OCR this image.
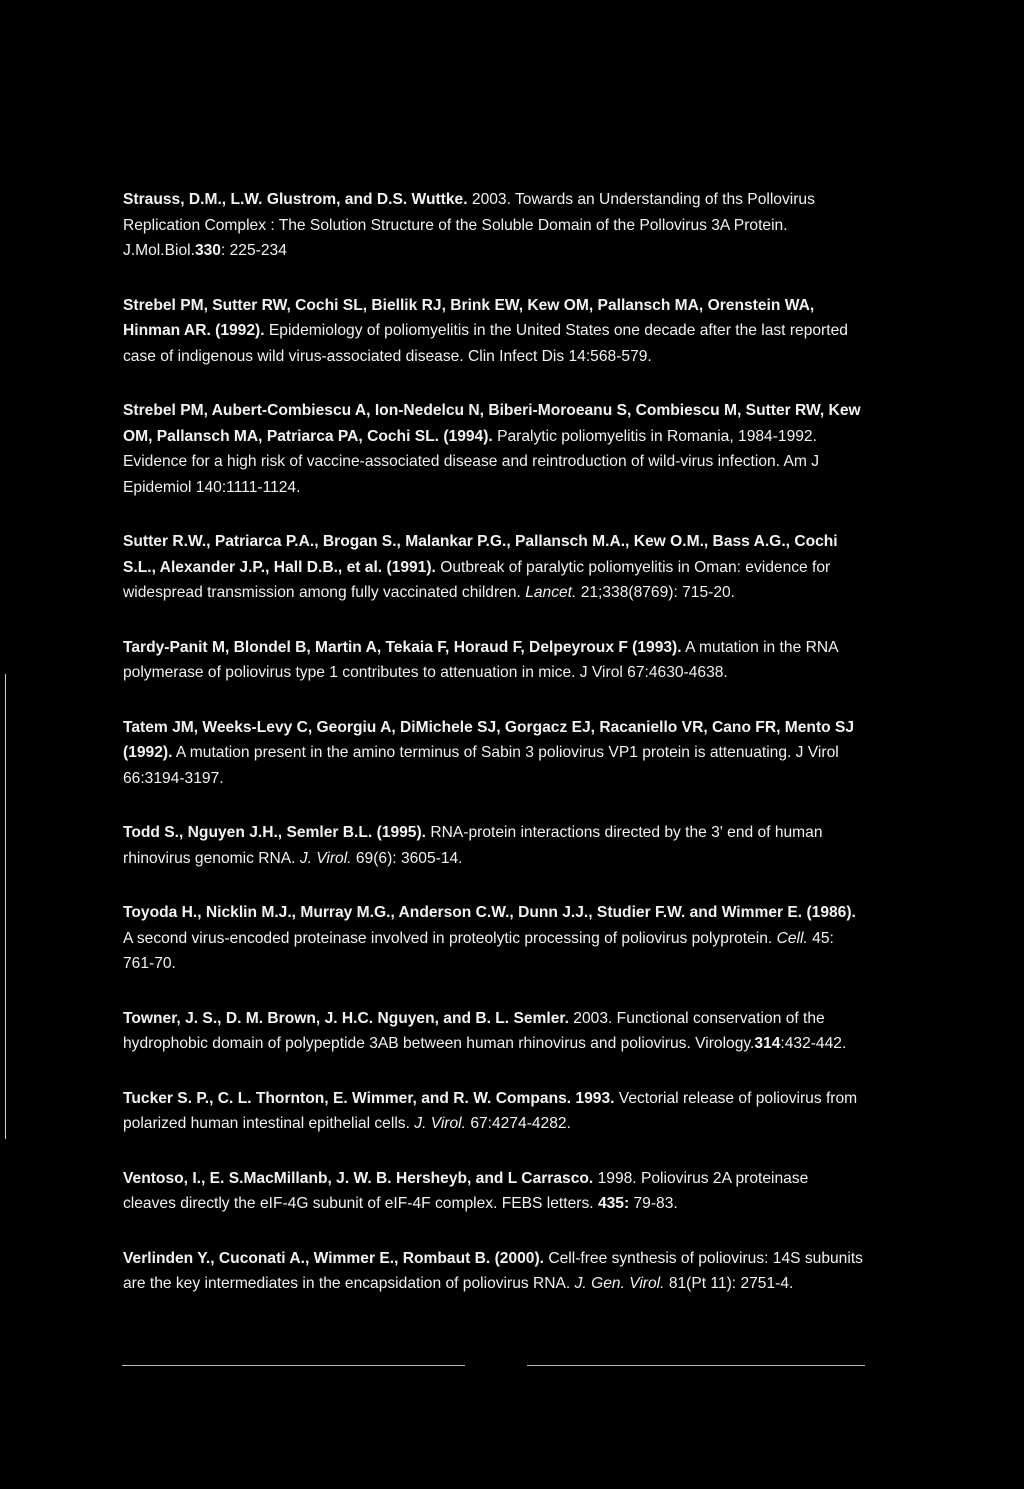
Strauss, D.M., L.W. Glustrom, and D.S. Wuttke. 2003. Towards an Understanding of ths Pollovirus Replication Complex : The Solution Structure of the Soluble Domain of the Pollovirus 3A Protein. J.Mol.Biol.330: 225-234

Strebel PM, Sutter RW, Cochi SL, Biellik RJ, Brink EW, Kew OM, Pallansch MA, Orenstein WA, Hinman AR. (1992). Epidemiology of poliomyelitis in the United States one decade after the last reported case of indigenous wild virus-associated disease. Clin Infect Dis 14:568-579.

Strebel PM, Aubert-Combiescu A, Ion-Nedelcu N, Biberi-Moroeanu S, Combiescu M, Sutter RW, Kew OM, Pallansch MA, Patriarca PA, Cochi SL. (1994). Paralytic poliomyelitis in Romania, 1984-1992. Evidence for a high risk of vaccine-associated disease and reintroduction of wild-virus infection. Am J Epidemiol 140:1111-1124.

Sutter R.W., Patriarca P.A., Brogan S., Malankar P.G., Pallansch M.A., Kew O.M., Bass A.G., Cochi S.L., Alexander J.P., Hall D.B., et al. (1991). Outbreak of paralytic poliomyelitis in Oman: evidence for widespread transmission among fully vaccinated children. Lancet. 21;338(8769): 715-20.

Tardy-Panit M, Blondel B, Martin A, Tekaia F, Horaud F, Delpeyroux F (1993). A mutation in the RNA polymerase of poliovirus type 1 contributes to attenuation in mice. J Virol 67:4630-4638.

Tatem JM, Weeks-Levy C, Georgiu A, DiMichele SJ, Gorgacz EJ, Racaniello VR, Cano FR, Mento SJ (1992). A mutation present in the amino terminus of Sabin 3 poliovirus VP1 protein is attenuating. J Virol 66:3194-3197.

Todd S., Nguyen J.H., Semler B.L. (1995). RNA-protein interactions directed by the 3' end of human rhinovirus genomic RNA. J. Virol. 69(6): 3605-14.

Toyoda H., Nicklin M.J., Murray M.G., Anderson C.W., Dunn J.J., Studier F.W. and Wimmer E. (1986). A second virus-encoded proteinase involved in proteolytic processing of poliovirus polyprotein. Cell. 45: 761-70.

Towner, J. S., D. M. Brown, J. H.C. Nguyen, and B. L. Semler. 2003. Functional conservation of the hydrophobic domain of polypeptide 3AB between human rhinovirus and poliovirus. Virology.314:432-442.

Tucker S. P., C. L. Thornton, E. Wimmer, and R. W. Compans. 1993. Vectorial release of poliovirus from polarized human intestinal epithelial cells. J. Virol. 67:4274-4282.

Ventoso, I., E. S.MacMillanb, J. W. B. Hersheyb, and L Carrasco. 1998. Poliovirus 2A proteinase cleaves directly the eIF-4G subunit of eIF-4F complex. FEBS letters. 435: 79-83.

Verlinden Y., Cuconati A., Wimmer E., Rombaut B. (2000). Cell-free synthesis of poliovirus: 14S subunits are the key intermediates in the encapsidation of poliovirus RNA. J. Gen. Virol. 81(Pt 11): 2751-4.
